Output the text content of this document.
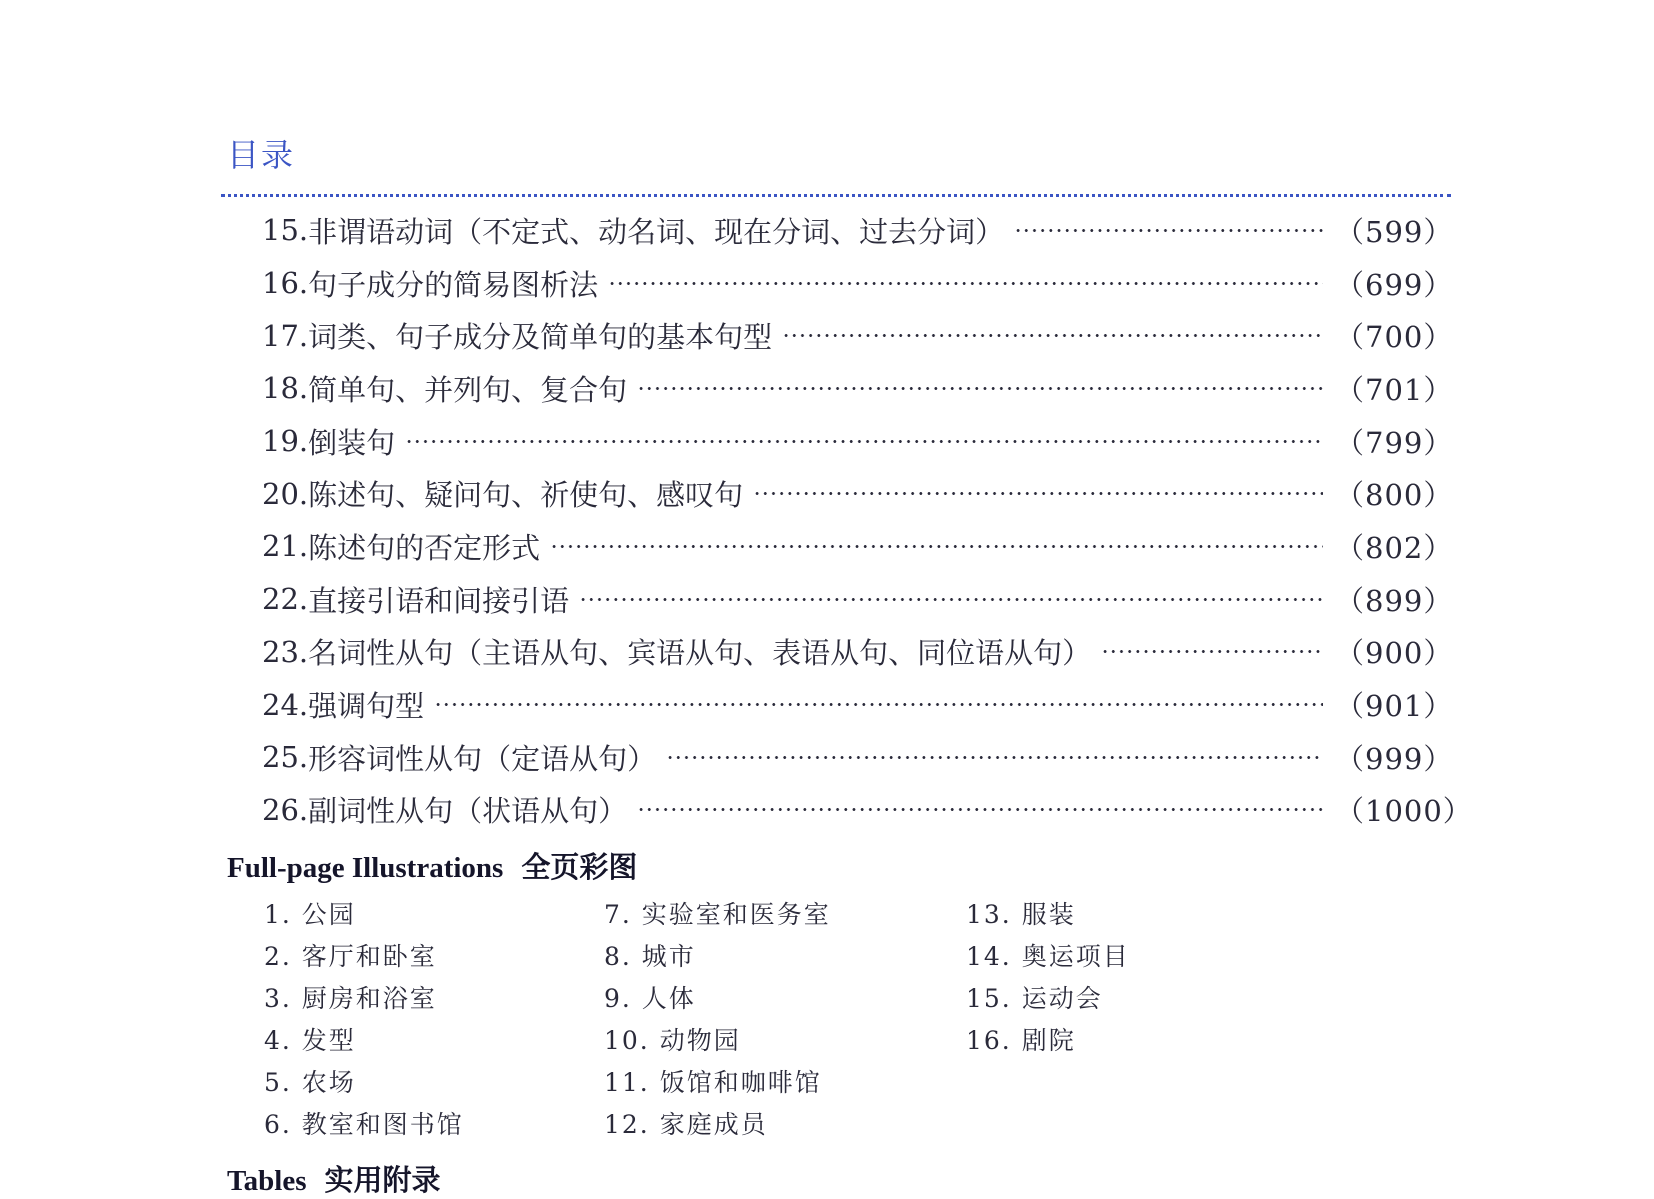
目录
15. 非谓语动词（不定式、动名词、现在分词、过去分词）	（599）
16. 句子成分的简易图析法	（699）
17. 词类、句子成分及简单句的基本句型	（700）
18. 简单句、并列句、复合句	（701）
19. 倒装句	（799）
20. 陈述句、疑问句、祈使句、感叹句	（800）
21. 陈述句的否定形式	（802）
22. 直接引语和间接引语	（899）
23. 名词性从句（主语从句、宾语从句、表语从句、同位语从句）	（900）
24. 强调句型	（901）
25. 形容词性从句（定语从句）	（999）
26. 副词性从句（状语从句）	（1000）
Full-page Illustrations 全页彩图
1. 公园
2. 客厅和卧室
3. 厨房和浴室
4. 发型
5. 农场
6. 教室和图书馆
7. 实验室和医务室
8. 城市
9. 人体
10. 动物园
11. 饭馆和咖啡馆
12. 家庭成员
13. 服装
14. 奥运项目
15. 运动会
16. 剧院
Tables 实用附录
